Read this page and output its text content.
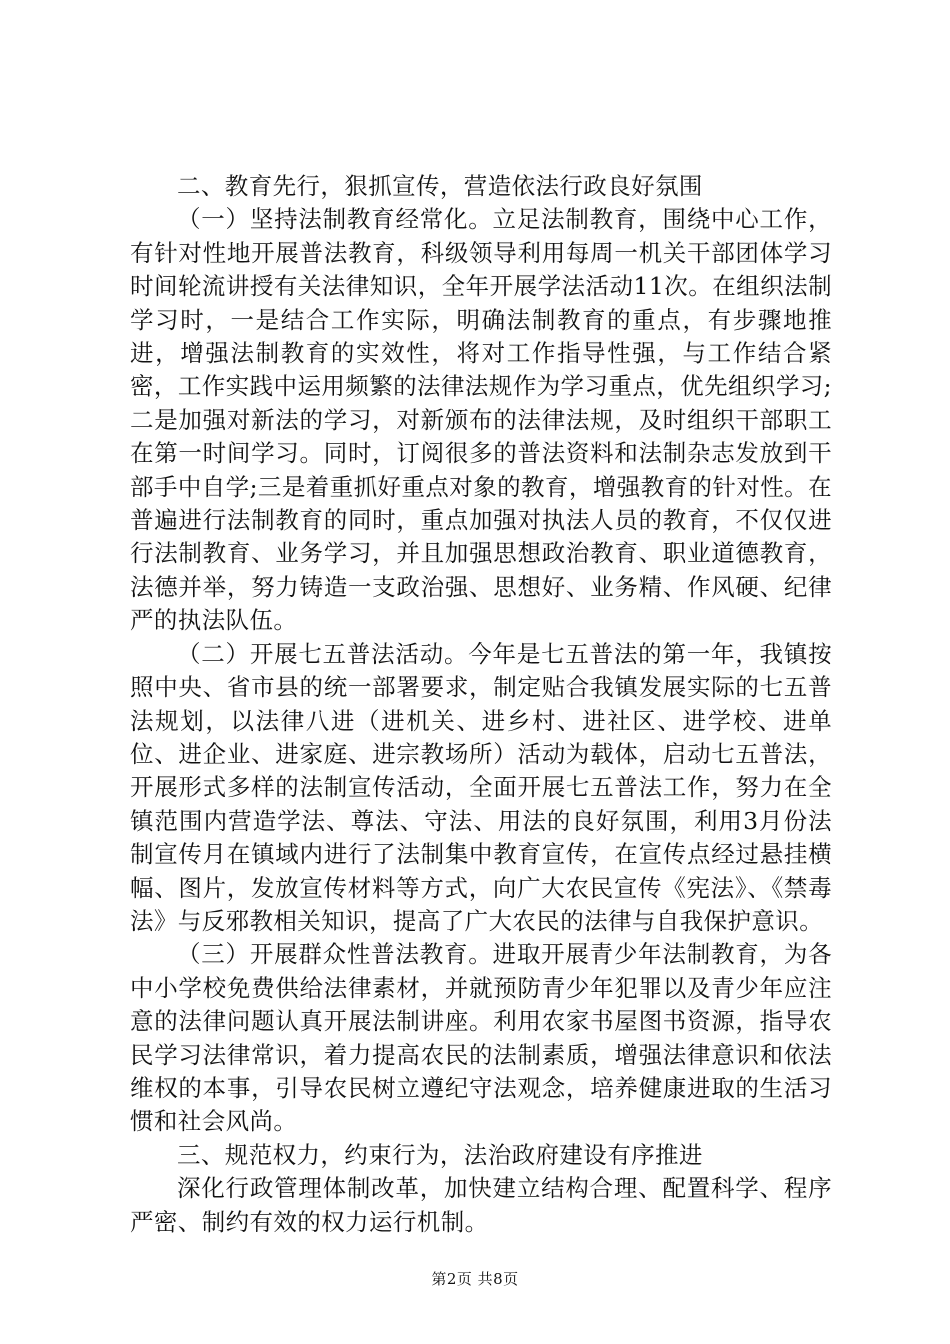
二、教育先行，狠抓宣传，营造依法行政良好氛围

（一）坚持法制教育经常化。立足法制教育，围绕中心工作，有针对性地开展普法教育，科级领导利用每周一机关干部团体学习时间轮流讲授有关法律知识，全年开展学法活动11次。在组织法制学习时，一是结合工作实际，明确法制教育的重点，有步骤地推进，增强法制教育的实效性，将对工作指导性强，与工作结合紧密，工作实践中运用频繁的法律法规作为学习重点，优先组织学习;二是加强对新法的学习，对新颁布的法律法规，及时组织干部职工在第一时间学习。同时，订阅很多的普法资料和法制杂志发放到干部手中自学;三是着重抓好重点对象的教育，增强教育的针对性。在普遍进行法制教育的同时，重点加强对执法人员的教育，不仅仅进行法制教育、业务学习，并且加强思想政治教育、职业道德教育，法德并举，努力铸造一支政治强、思想好、业务精、作风硬、纪律严的执法队伍。

（二）开展七五普法活动。今年是七五普法的第一年，我镇按照中央、省市县的统一部署要求，制定贴合我镇发展实际的七五普法规划，以法律八进（进机关、进乡村、进社区、进学校、进单位、进企业、进家庭、进宗教场所）活动为载体，启动七五普法，开展形式多样的法制宣传活动，全面开展七五普法工作，努力在全镇范围内营造学法、尊法、守法、用法的良好氛围，利用3月份法制宣传月在镇域内进行了法制集中教育宣传，在宣传点经过悬挂横幅、图片，发放宣传材料等方式，向广大农民宣传《宪法》、《禁毒法》与反邪教相关知识，提高了广大农民的法律与自我保护意识。

（三）开展群众性普法教育。进取开展青少年法制教育，为各中小学校免费供给法律素材，并就预防青少年犯罪以及青少年应注意的法律问题认真开展法制讲座。利用农家书屋图书资源，指导农民学习法律常识，着力提高农民的法制素质，增强法律意识和依法维权的本事，引导农民树立遵纪守法观念，培养健康进取的生活习惯和社会风尚。

三、规范权力，约束行为，法治政府建设有序推进

深化行政管理体制改革，加快建立结构合理、配置科学、程序严密、制约有效的权力运行机制。

第2页 共8页
